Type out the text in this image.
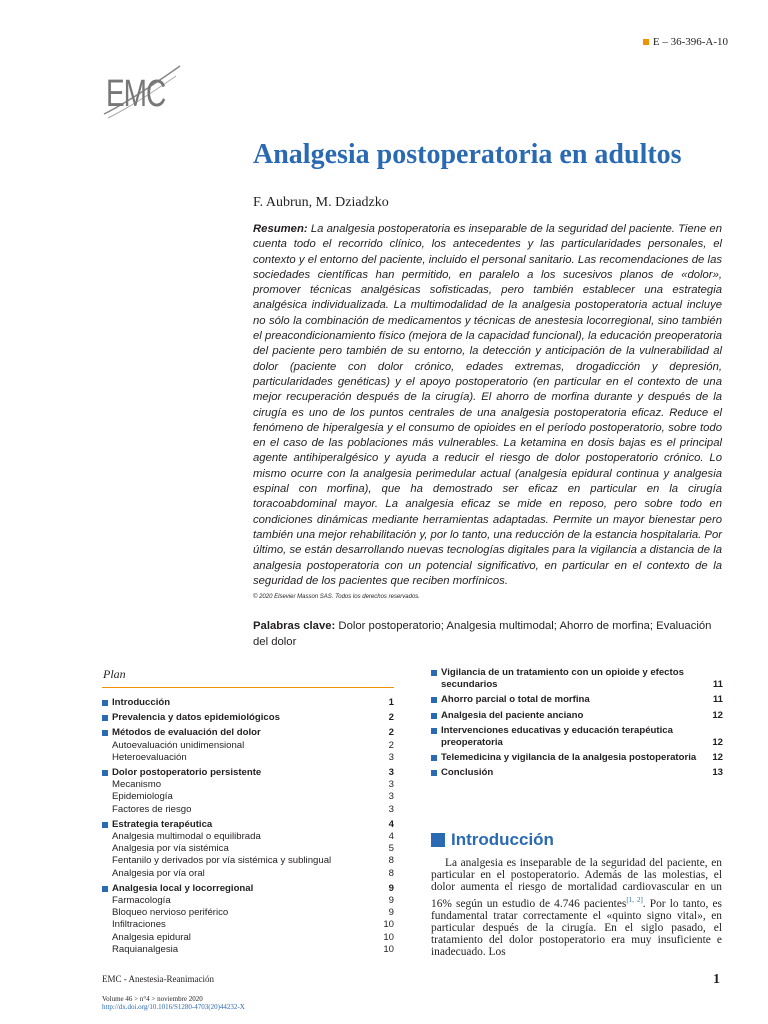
E – 36-396-A-10
EMC
Analgesia postoperatoria en adultos
F. Aubrun, M. Dziadzko

Resumen: La analgesia postoperatoria es inseparable de la seguridad del paciente. Tiene en cuenta todo el recorrido clínico, los antecedentes y las particularidades personales, el contexto y el entorno del paciente, incluido el personal sanitario. Las recomendaciones de las sociedades científicas han permitido, en paralelo a los sucesivos planos de «dolor», promover técnicas analgésicas sofisticadas, pero también establecer una estrategia analgésica individualizada. La multimodalidad de la analgesia postoperatoria actual incluye no sólo la combinación de medicamentos y técnicas de anestesia locorregional, sino también el preacondicionamiento físico (mejora de la capacidad funcional), la educación preoperatoria del paciente pero también de su entorno, la detección y anticipación de la vulnerabilidad al dolor (paciente con dolor crónico, edades extremas, drogadicción y depresión, particularidades genéticas) y el apoyo postoperatorio (en particular en el contexto de una mejor recuperación después de la cirugía). El ahorro de morfina durante y después de la cirugía es uno de los puntos centrales de una analgesia postoperatoria eficaz. Reduce el fenómeno de hiperalgesia y el consumo de opioides en el período postoperatorio, sobre todo en el caso de las poblaciones más vulnerables. La ketamina en dosis bajas es el principal agente antihiperalgésico y ayuda a reducir el riesgo de dolor postoperatorio crónico. Lo mismo ocurre con la analgesia perimedular actual (analgesia epidural continua y analgesia espinal con morfina), que ha demostrado ser eficaz en particular en la cirugía toracoabdominal mayor. La analgesia eficaz se mide en reposo, pero sobre todo en condiciones dinámicas mediante herramientas adaptadas. Permite un mayor bienestar pero también una mejor rehabilitación y, por lo tanto, una reducción de la estancia hospitalaria. Por último, se están desarrollando nuevas tecnologías digitales para la vigilancia a distancia de la analgesia postoperatoria con un potencial significativo, en particular en el contexto de la seguridad de los pacientes que reciben morfínicos.

© 2020 Elsevier Masson SAS. Todos los derechos reservados.
Palabras clave: Dolor postoperatorio; Analgesia multimodal; Ahorro de morfina; Evaluación del dolor
Plan
Introducción	1
Prevalencia y datos epidemiológicos	2
Métodos de evaluación del dolor	2
Autoevaluación unidimensional	2
Heteroevaluación	3
Dolor postoperatorio persistente	3
Mecanismo	3
Epidemiología	3
Factores de riesgo	3
Estrategia terapéutica	4
Analgesia multimodal o equilibrada	4
Analgesia por vía sistémica	5
Fentanilo y derivados por vía sistémica y sublingual	8
Analgesia por vía oral	8
Analgesia local y locorregional	9
Farmacología	9
Bloqueo nervioso periférico	9
Infiltraciones	10
Analgesia epidural	10
Raquianalgesia	10
Vigilancia de un tratamiento con un opioide y efectos secundarios	11
Ahorro parcial o total de morfina	11
Analgesia del paciente anciano	12
Intervenciones educativas y educación terapéutica preoperatoria	12
Telemedicina y vigilancia de la analgesia postoperatoria	12
Conclusión	13
Introducción

La analgesia es inseparable de la seguridad del paciente, en particular en el postoperatorio. Además de las molestias, el dolor aumenta el riesgo de mortalidad cardiovascular en un 16% según un estudio de 4.746 pacientes[1, 2]. Por lo tanto, es fundamental tratar correctamente el «quinto signo vital», en particular después de la cirugía. En el siglo pasado, el tratamiento del dolor postoperatorio era muy insuficiente e inadecuado. Los

EMC - Anestesia-Reanimación
Volume 46 > n°4 > noviembre 2020
http://dx.doi.org/10.1016/S1280-4703(20)44232-X
1
